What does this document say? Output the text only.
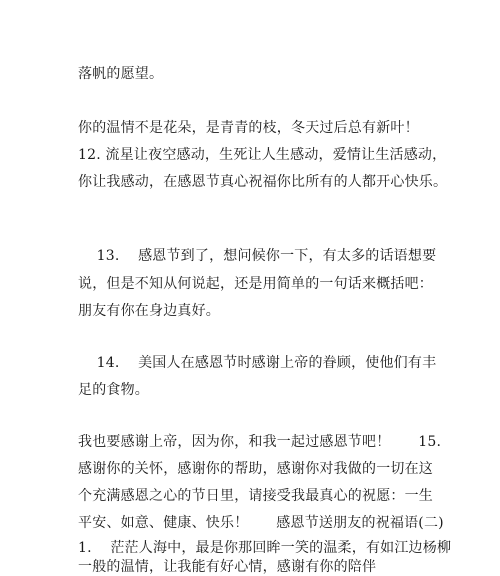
落帆的愿望。
你的温情不是花朵，是青青的枝，冬天过后总有新叶！
12. 流星让夜空感动，生死让人生感动，爱情让生活感动，
你让我感动，在感恩节真心祝福你比所有的人都开心快乐。
13.    感恩节到了，想问候你一下，有太多的话语想要
说，但是不知从何说起，还是用简单的一句话来概括吧：
朋友有你在身边真好。
14.    美国人在感恩节时感谢上帝的眷顾，使他们有丰
足的食物。
我也要感谢上帝，因为你，和我一起过感恩节吧！      15.
感谢你的关怀，感谢你的帮助，感谢你对我做的一切在这
个充满感恩之心的节日里，请接受我最真心的祝愿：一生
平安、如意、健康、快乐！      感恩节送朋友的祝福语(二)
1.    茫茫人海中，最是你那回眸一笑的温柔，有如江边杨柳
一般的温情，让我能有好心情，感谢有你的陪伴
